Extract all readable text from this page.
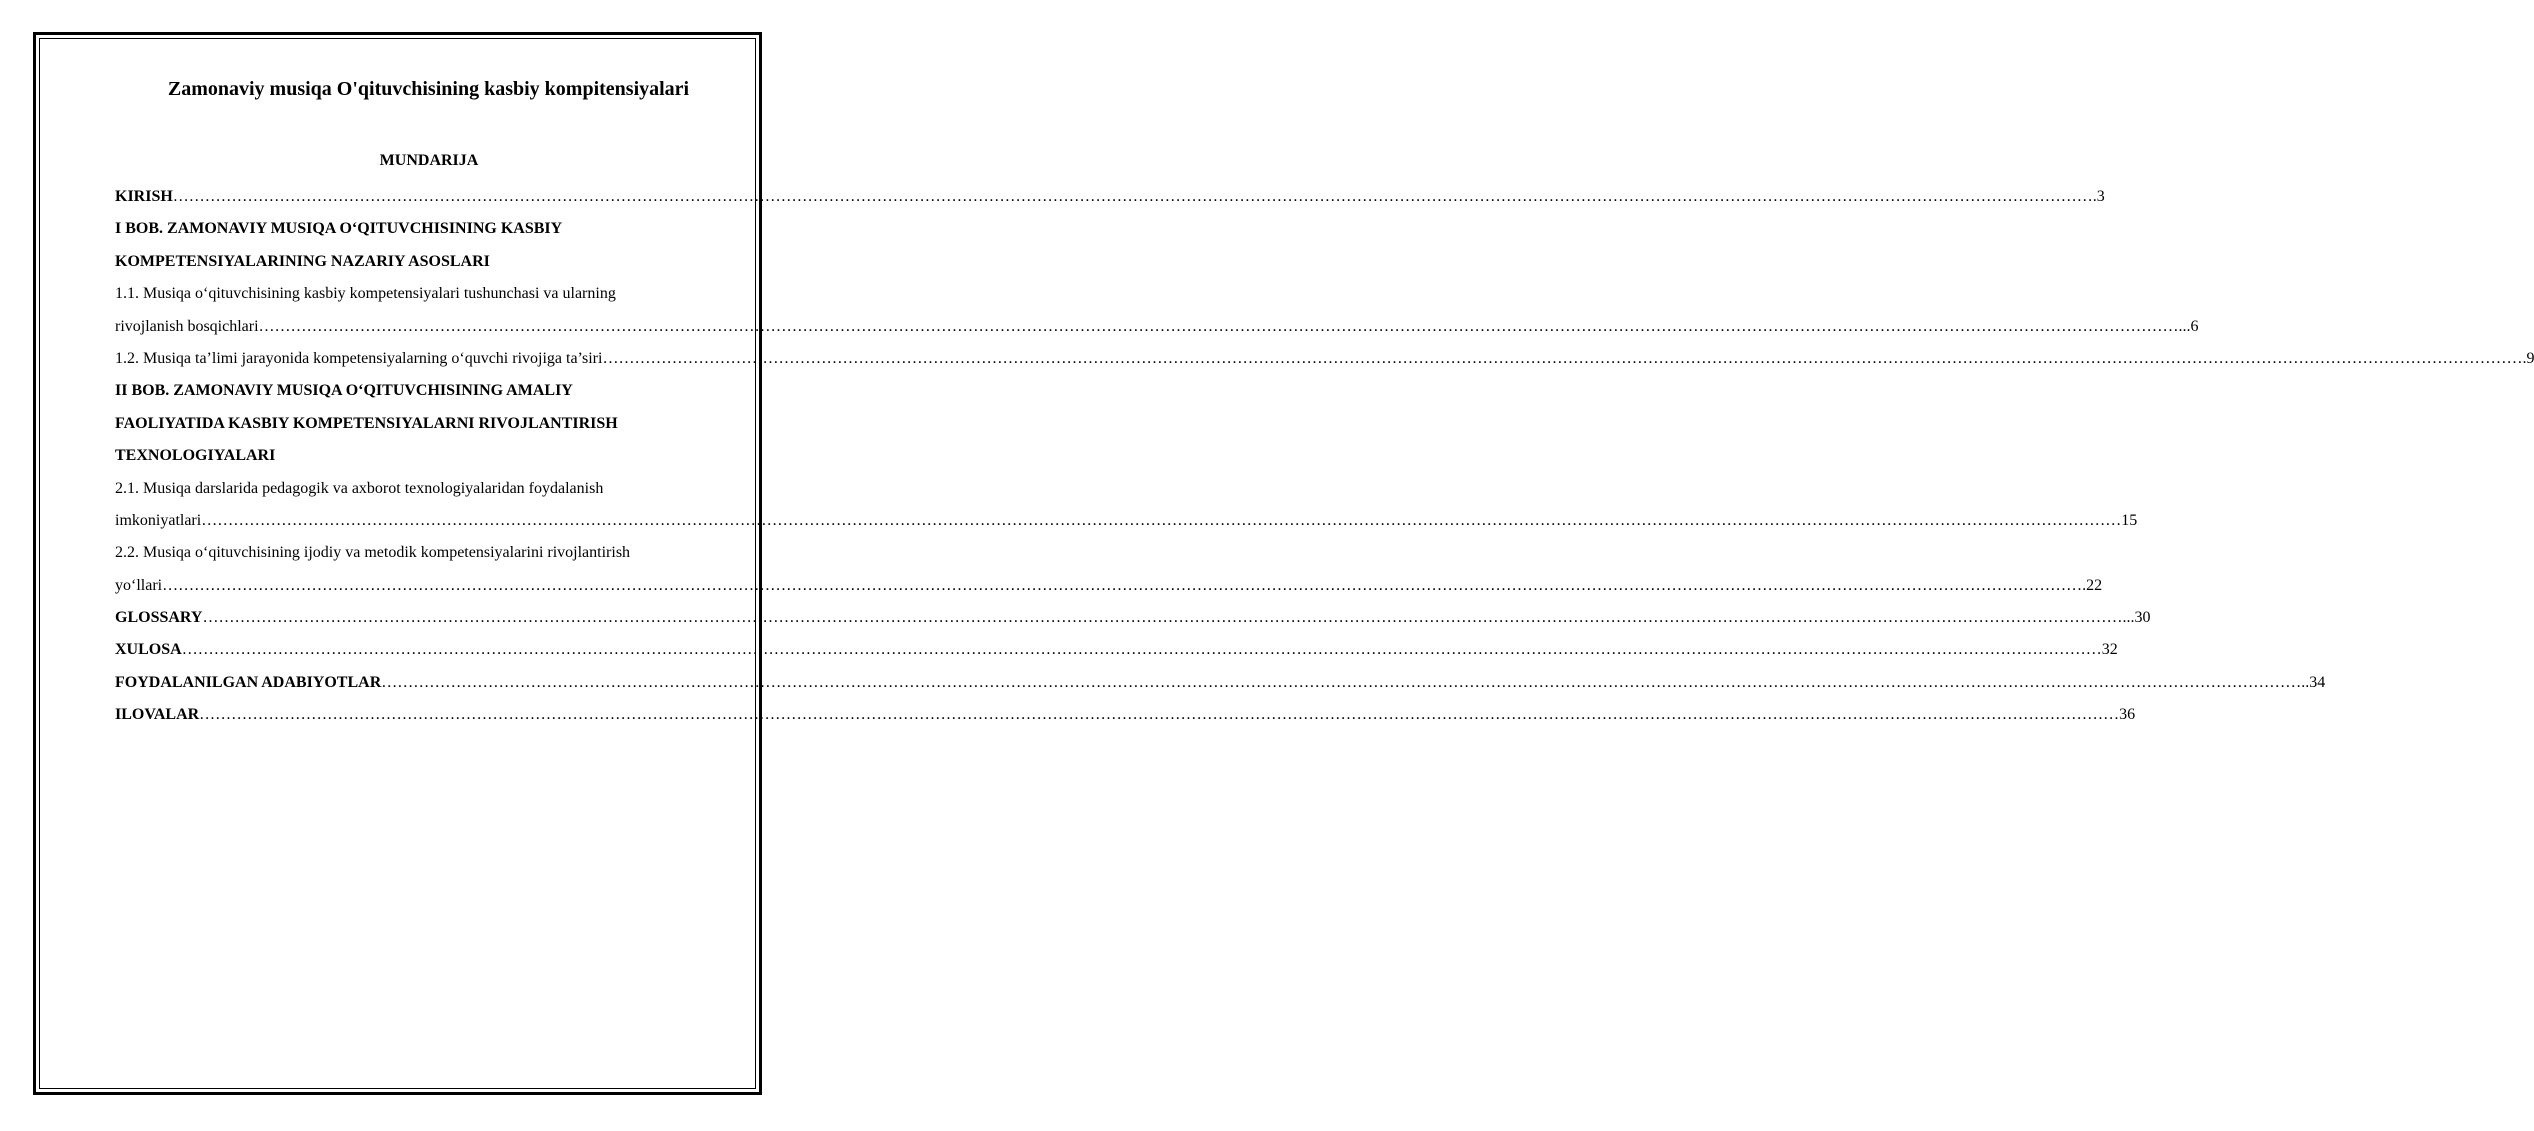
Zamonaviy musiqa O'qituvchisining kasbiy kompitensiyalari
MUNDARIJA
KIRISH ……………………………………………………………………………………………………………………………………………………………………………………………………………………………………………………………………………………………………………………………… .3
I BOB. ZAMONAVIY MUSIQA O‘QITUVCHISINING KASBIY
KOMPETENSIYALARINING NAZARIY ASOSLARI
1.1. Musiqa o‘qituvchisining kasbiy kompetensiyalari tushunchasi va ularning
rivojlanish bosqichlari ……………………………………………………………………………………………………………………………………………………………………………………………………………………………………………………………………………………………………………………………… ...6
1.2. Musiqa ta’limi jarayonida kompetensiyalarning o‘quvchi rivojiga ta’siri ……………………………………………………………………………………………………………………………………………………………………………………………………………………………………………………………………………………………………………………………… .9
II BOB. ZAMONAVIY MUSIQA O‘QITUVCHISINING AMALIY
FAOLIYATIDA KASBIY KOMPETENSIYALARNI RIVOJLANTIRISH
TEXNOLOGIYALARI
2.1. Musiqa darslarida pedagogik va axborot texnologiyalaridan foydalanish
imkoniyatlari ……………………………………………………………………………………………………………………………………………………………………………………………………………………………………………………………………………………………………………………………… 15
2.2. Musiqa o‘qituvchisining ijodiy va metodik kompetensiyalarini rivojlantirish
yo‘llari ……………………………………………………………………………………………………………………………………………………………………………………………………………………………………………………………………………………………………………………………… .22
GLOSSARY ……………………………………………………………………………………………………………………………………………………………………………………………………………………………………………………………………………………………………………………………… ...30
XULOSA ……………………………………………………………………………………………………………………………………………………………………………………………………………………………………………………………………………………………………………………………… 32
FOYDALANILGAN ADABIYOTLAR ……………………………………………………………………………………………………………………………………………………………………………………………………………………………………………………………………………………………………………………………… ..34
ILOVALAR ……………………………………………………………………………………………………………………………………………………………………………………………………………………………………………………………………………………………………………………………… 36
